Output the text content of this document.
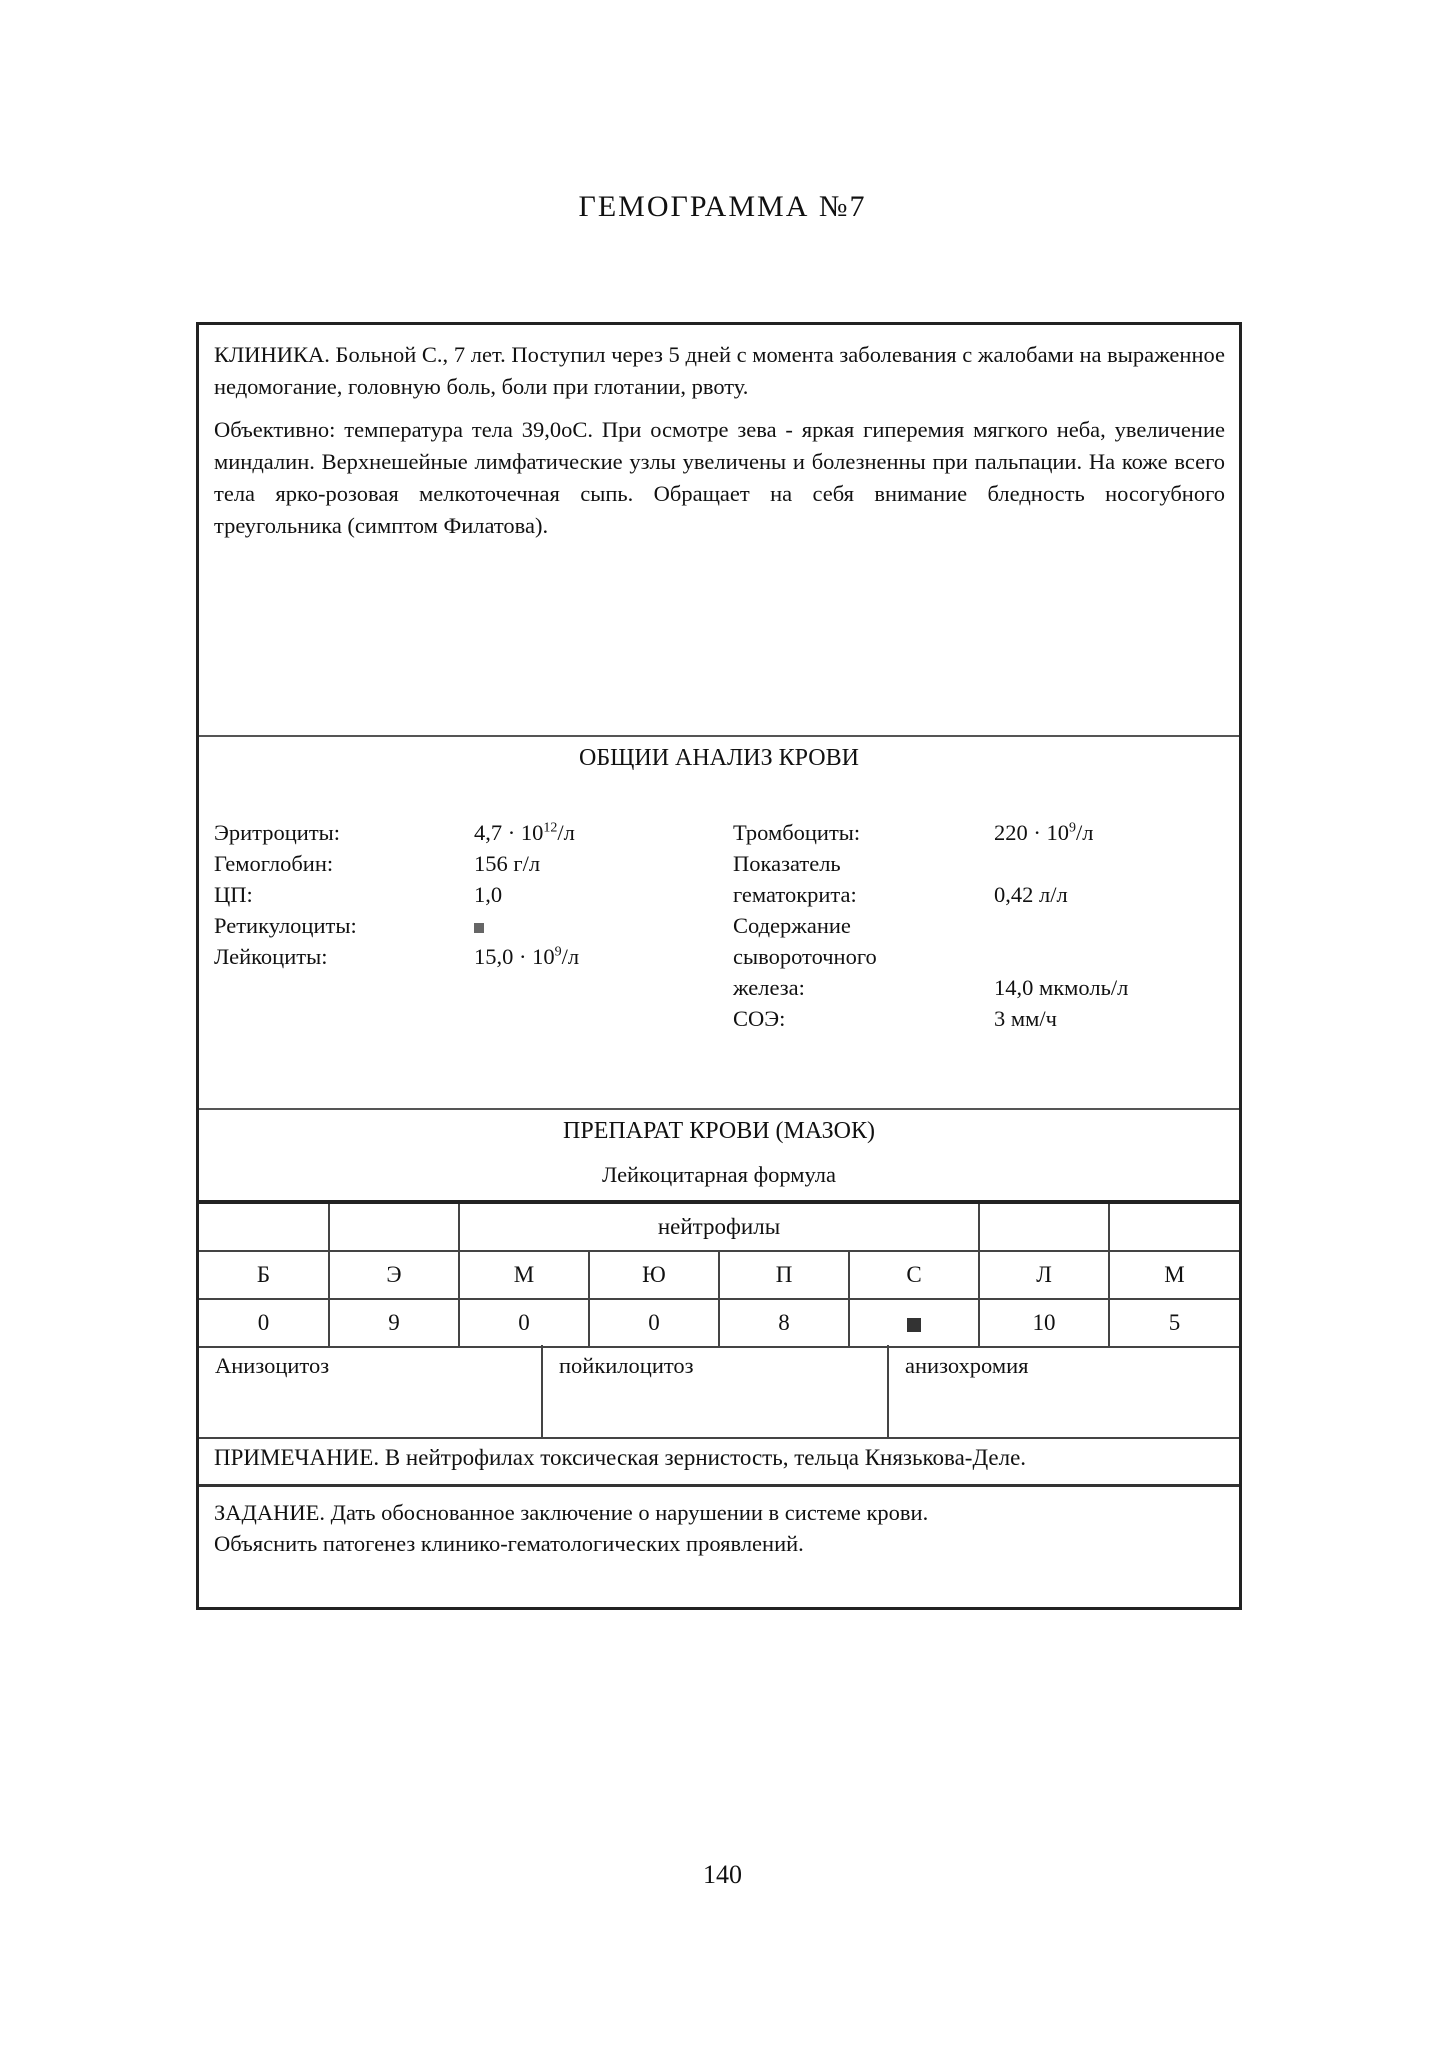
ГЕМОГРАММА №7

КЛИНИКА. Больной С., 7 лет. Поступил через 5 дней с момента заболевания с жалобами на выраженное недомогание, головную боль, боли при глотании, рвоту.

Объективно: температура тела 39,0оС. При осмотре зева - яркая гиперемия мягкого неба, увеличение миндалин. Верхнешейные лимфатические узлы увеличены и болезненны при пальпации. На коже всего тела ярко-розовая мелкоточечная сыпь. Обращает на себя внимание бледность носогубного треугольника (симптом Филатова).

ОБЩИИ АНАЛИЗ КРОВИ
Эритроциты:	$4,7 \cdot 10^{12}/л$
Гемоглобин:	156 г/л
ЦП:	1,0
Ретикулоциты:
Лейкоциты:	$15,0 \cdot 10^9/л$
Тромбоциты:	$220 \cdot 10^9/л$
Показатель
гематокрита:	0,42 л/л
Содержание
сывороточного
железа:	14,0 мкмоль/л
СОЭ:	3 мм/ч
ПРЕПАРАТ КРОВИ (МАЗОК)
Лейкоцитарная формула
		нейтрофилы					
Б	Э	М	Ю	П	С	Л	М
0	9	0	0	8		10	5
Анизоцитоз	пойкилоцитоз	анизохромия
ПРИМЕЧАНИЕ. В нейтрофилах токсическая зернистость, тельца Князькова-Деле.
ЗАДАНИЕ. Дать обоснованное заключение о нарушении в системе крови.
Объяснить патогенез клинико-гематологических проявлений.
140
